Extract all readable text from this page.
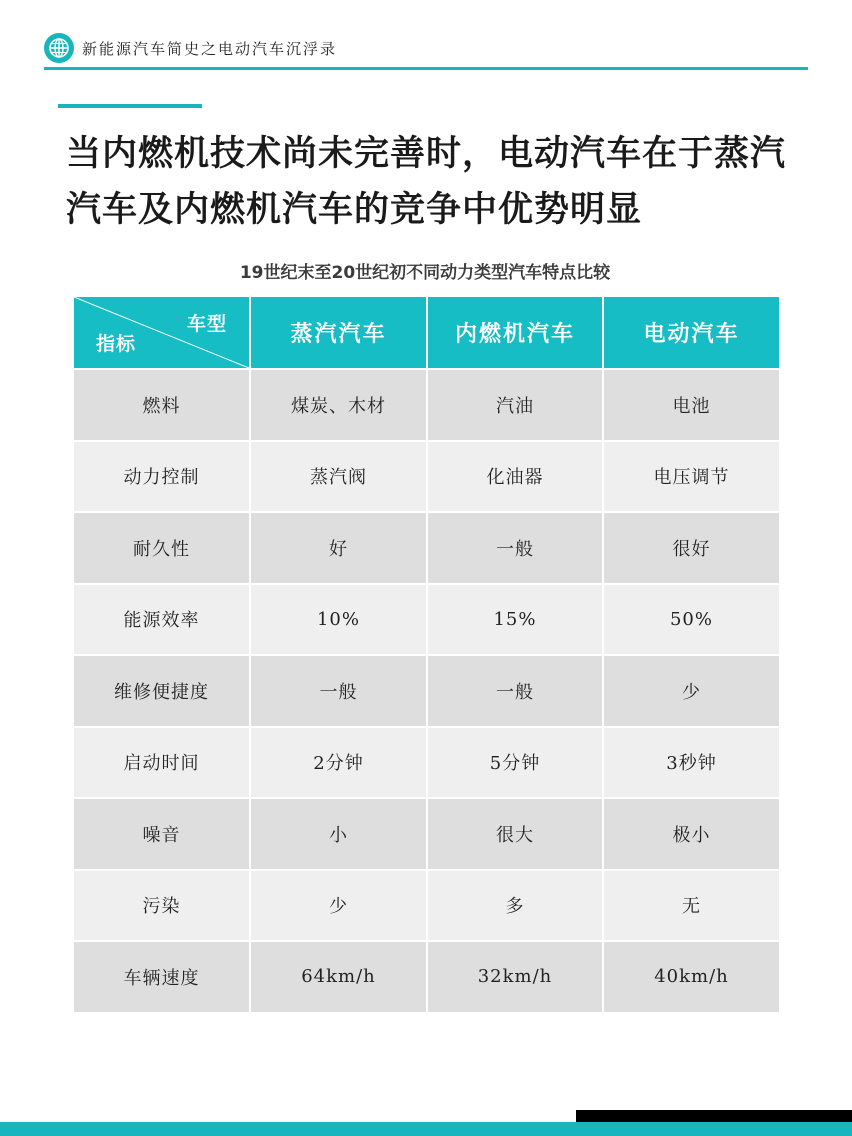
新能源汽车简史之电动汽车沉浮录
当内燃机技术尚未完善时，电动汽车在于蒸汽汽车及内燃机汽车的竞争中优势明显
19世纪末至20世纪初不同动力类型汽车特点比较
车型
指标	蒸汽汽车	内燃机汽车	电动汽车
燃料	煤炭、木材	汽油	电池
动力控制	蒸汽阀	化油器	电压调节
耐久性	好	一般	很好
能源效率	10%	15%	50%
维修便捷度	一般	一般	少
启动时间	2分钟	5分钟	3秒钟
噪音	小	很大	极小
污染	少	多	无
车辆速度	64km/h	32km/h	40km/h
